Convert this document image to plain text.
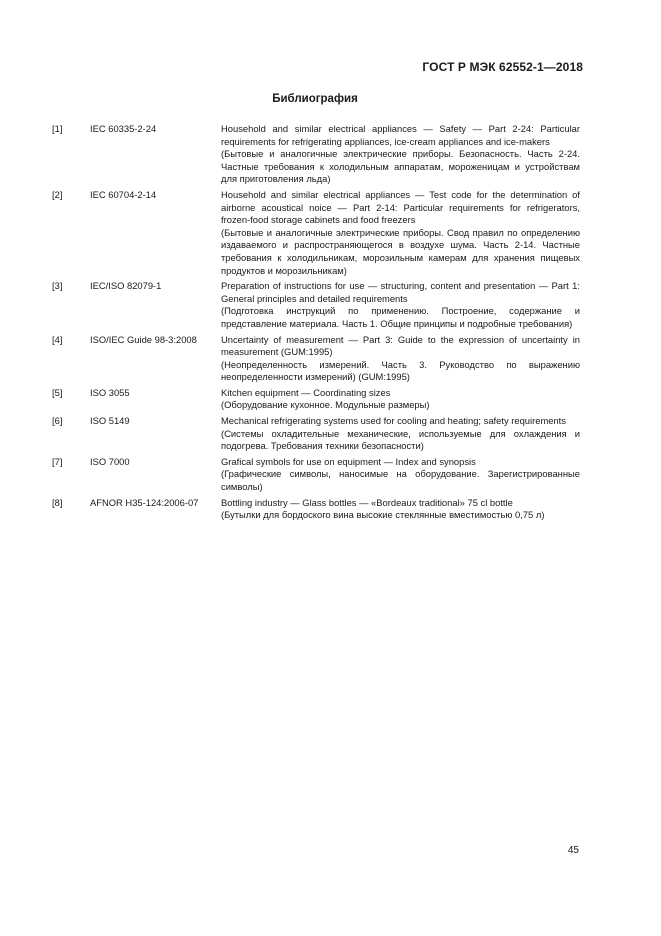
ГОСТ Р МЭК 62552-1—2018
Библиография
[1]	IEC 60335-2-24	Household and similar electrical appliances — Safety — Part 2-24: Particular requirements for refrigerating appliances, ice-cream appliances and ice-makers

(Бытовые и аналогичные электрические приборы. Безопасность. Часть 2-24. Частные требования к холодильным аппаратам, мороженицам и устройствам для приготовления льда)

[2]	IEC 60704-2-14	Household and similar electrical appliances — Test code for the determination of airborne acoustical noice — Part 2-14: Particular requirements for refrigerators, frozen-food storage cabinets and food freezers

(Бытовые и аналогичные электрические приборы. Свод правил по определению издаваемого и распространяющегося в воздухе шума. Часть 2-14. Частные требования к холодильникам, морозильным камерам для хранения пищевых продуктов и морозильникам)

[3]	IEC/ISO 82079-1	Preparation of instructions for use — structuring, content and presentation — Part 1: General principles and detailed requirements

(Подготовка инструкций по применению. Построение, содержание и представление материала. Часть 1. Общие принципы и подробные требования)

[4]	ISO/IEC Guide 98-3:2008	Uncertainty of measurement — Part 3: Guide to the expression of uncertainty in measurement (GUM:1995)

(Неопределенность измерений. Часть 3. Руководство по выражению неопределенности измерений) (GUM:1995)

[5]	ISO 3055	Kitchen equipment — Coordinating sizes

(Оборудование кухонное. Модульные размеры)

[6]	ISO 5149	Mechanical refrigerating systems used for cooling and heating; safety requirements

(Системы охладительные механические, используемые для охлаждения и подогрева. Требования техники безопасности)

[7]	ISO 7000	Grafical symbols for use on equipment — Index and synopsis

(Графические символы, наносимые на оборудование. Зарегистрированные символы)

[8]	AFNOR H35-124:2006-07	Bottling industry — Glass bottles — «Bordeaux traditional» 75 cl bottle

(Бутылки для бордоского вина высокие стеклянные вместимостью 0,75 л)

45
